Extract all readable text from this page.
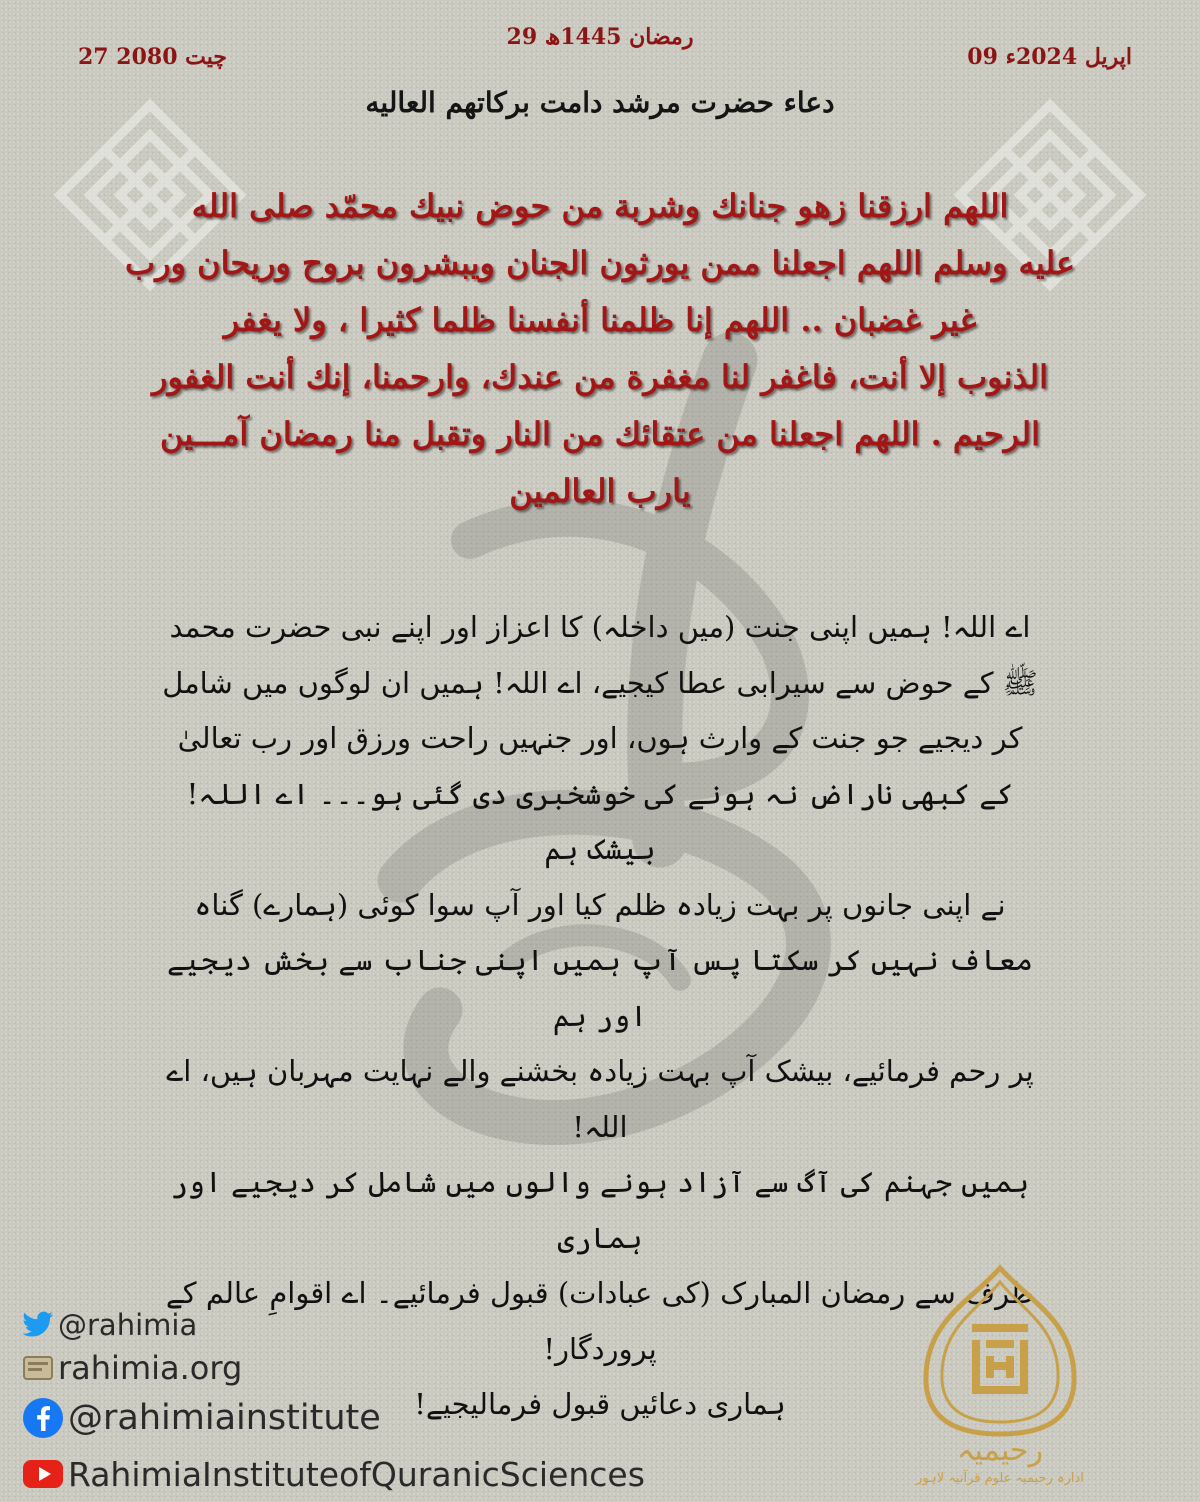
29 رمضان 1445ھ
27 چیت 2080	09 اپریل 2024ء
دعاء حضرت مرشد دامت برکاتهم العالیه
اللهم ارزقنا زهو جنانك وشربة من حوض نبيك محمّد صلى الله
عليه وسلم اللهم اجعلنا ممن يورثون الجنان ويبشرون بروح وريحان ورب
غير غضبان .. اللهم إنا ظلمنا أنفسنا ظلما كثيرا ، ولا يغفر
الذنوب إلا أنت، فاغفر لنا مغفرة من عندك، وارحمنا، إنك أنت الغفور
الرحيم . اللهم اجعلنا من عتقائك من النار وتقبل منا رمضان آمـــين
يارب العالمين
اے اللہ! ہمیں اپنی جنت (میں داخلہ) کا اعزاز اور اپنے نبی حضرت محمد
ﷺ کے حوض سے سیرابی عطا کیجیے، اے اللہ! ہمیں ان لوگوں میں شامل
کر دیجیے جو جنت کے وارث ہوں، اور جنہیں راحت ورزق اور رب تعالیٰ
کے کبھی ناراض نہ ہونے کی خوشخبری دی گئی ہو۔۔۔ اے اللہ! بیشک ہم
نے اپنی جانوں پر بہت زیادہ ظلم کیا اور آپ سوا کوئی (ہمارے) گناہ
معاف نہیں کر سکتا پس آپ ہمیں اپنی جناب سے بخش دیجیے اور ہم
پر رحم فرمائیے، بیشک آپ بہت زیادہ بخشنے والے نہایت مہربان ہیں، اے اللہ!
ہمیں جہنم کی آگ سے آزاد ہونے والوں میں شامل کر دیجیے اور ہماری
طرف سے رمضان المبارک (کی عبادات) قبول فرمائیے۔ اے اقوامِ عالم کے پروردگار!
ہماری دعائیں قبول فرمالیجیے!
@rahimia
rahimia.org
@rahimiainstitute
RahimiaInstituteofQuranicSciences
رحیمیہ
ادارہ رحیمیہ علوم قرآنیہ لاہور
